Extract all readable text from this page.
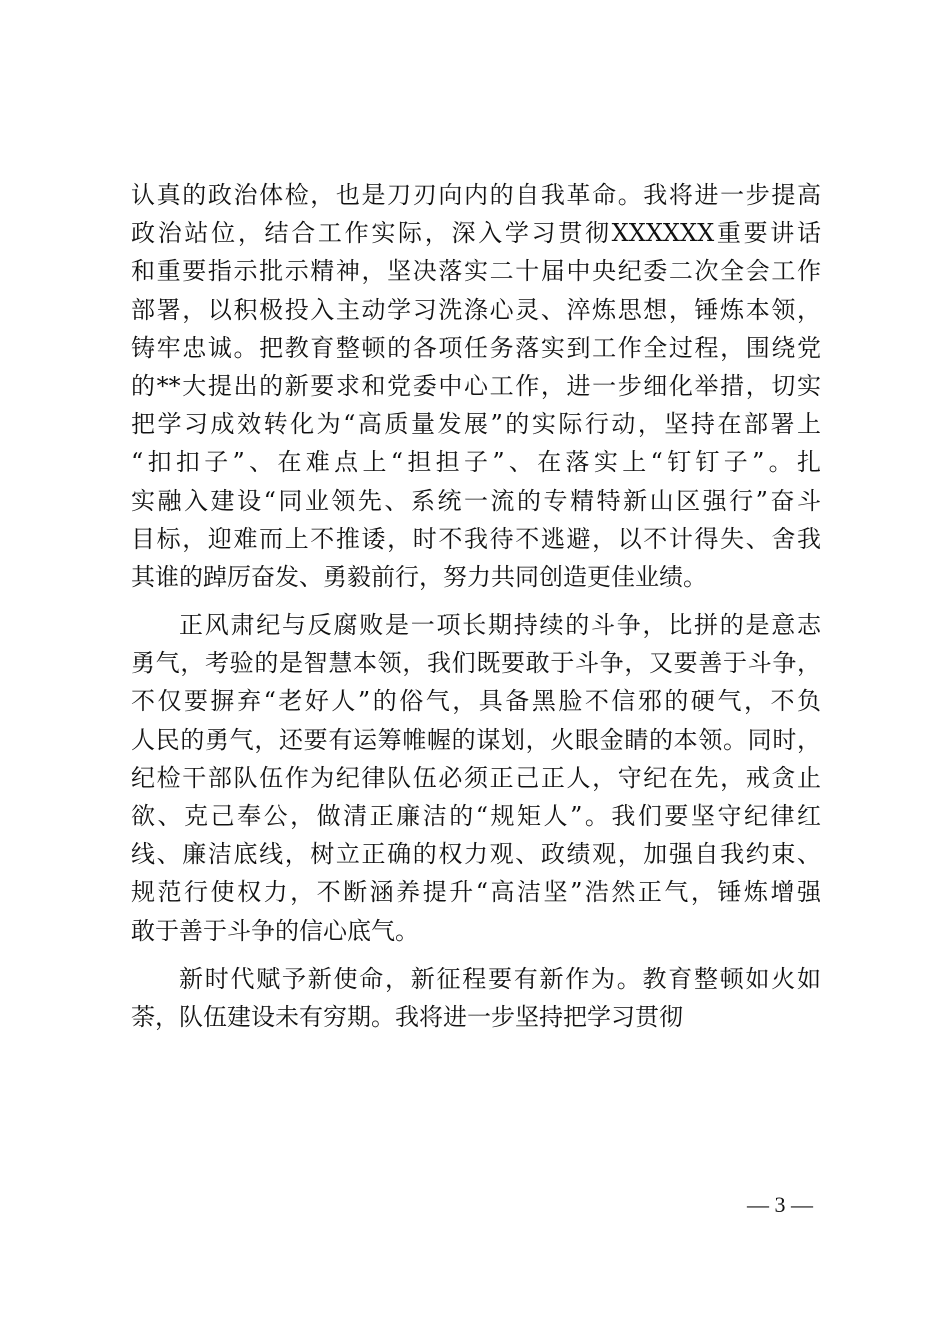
认真的政治体检，也是刀刃向内的自我革命。我将进一步提高
政治站位，结合工作实际，深入学习贯彻XXXXXX重要讲话
和重要指示批示精神，坚决落实二十届中央纪委二次全会工作
部署，以积极投入主动学习洗涤心灵、淬炼思想，锤炼本领，
铸牢忠诚。把教育整顿的各项任务落实到工作全过程，围绕党
的**大提出的新要求和党委中心工作，进一步细化举措，切实
把学习成效转化为“高质量发展”的实际行动，坚持在部署上
“扣扣子”、在难点上“担担子”、在落实上“钉钉子”。扎
实融入建设“同业领先、系统一流的专精特新山区强行”奋斗
目标，迎难而上不推诿，时不我待不逃避，以不计得失、舍我
其谁的踔厉奋发、勇毅前行，努力共同创造更佳业绩。
正风肃纪与反腐败是一项长期持续的斗争，比拼的是意志
勇气，考验的是智慧本领，我们既要敢于斗争，又要善于斗争，
不仅要摒弃“老好人”的俗气，具备黑脸不信邪的硬气，不负
人民的勇气，还要有运筹帷幄的谋划，火眼金睛的本领。同时，
纪检干部队伍作为纪律队伍必须正己正人，守纪在先，戒贪止
欲、克己奉公，做清正廉洁的“规矩人”。我们要坚守纪律红
线、廉洁底线，树立正确的权力观、政绩观，加强自我约束、
规范行使权力，不断涵养提升“高洁坚”浩然正气，锤炼增强
敢于善于斗争的信心底气。
新时代赋予新使命，新征程要有新作为。教育整顿如火如
荼，队伍建设未有穷期。我将进一步坚持把学习贯彻
— 3 —
